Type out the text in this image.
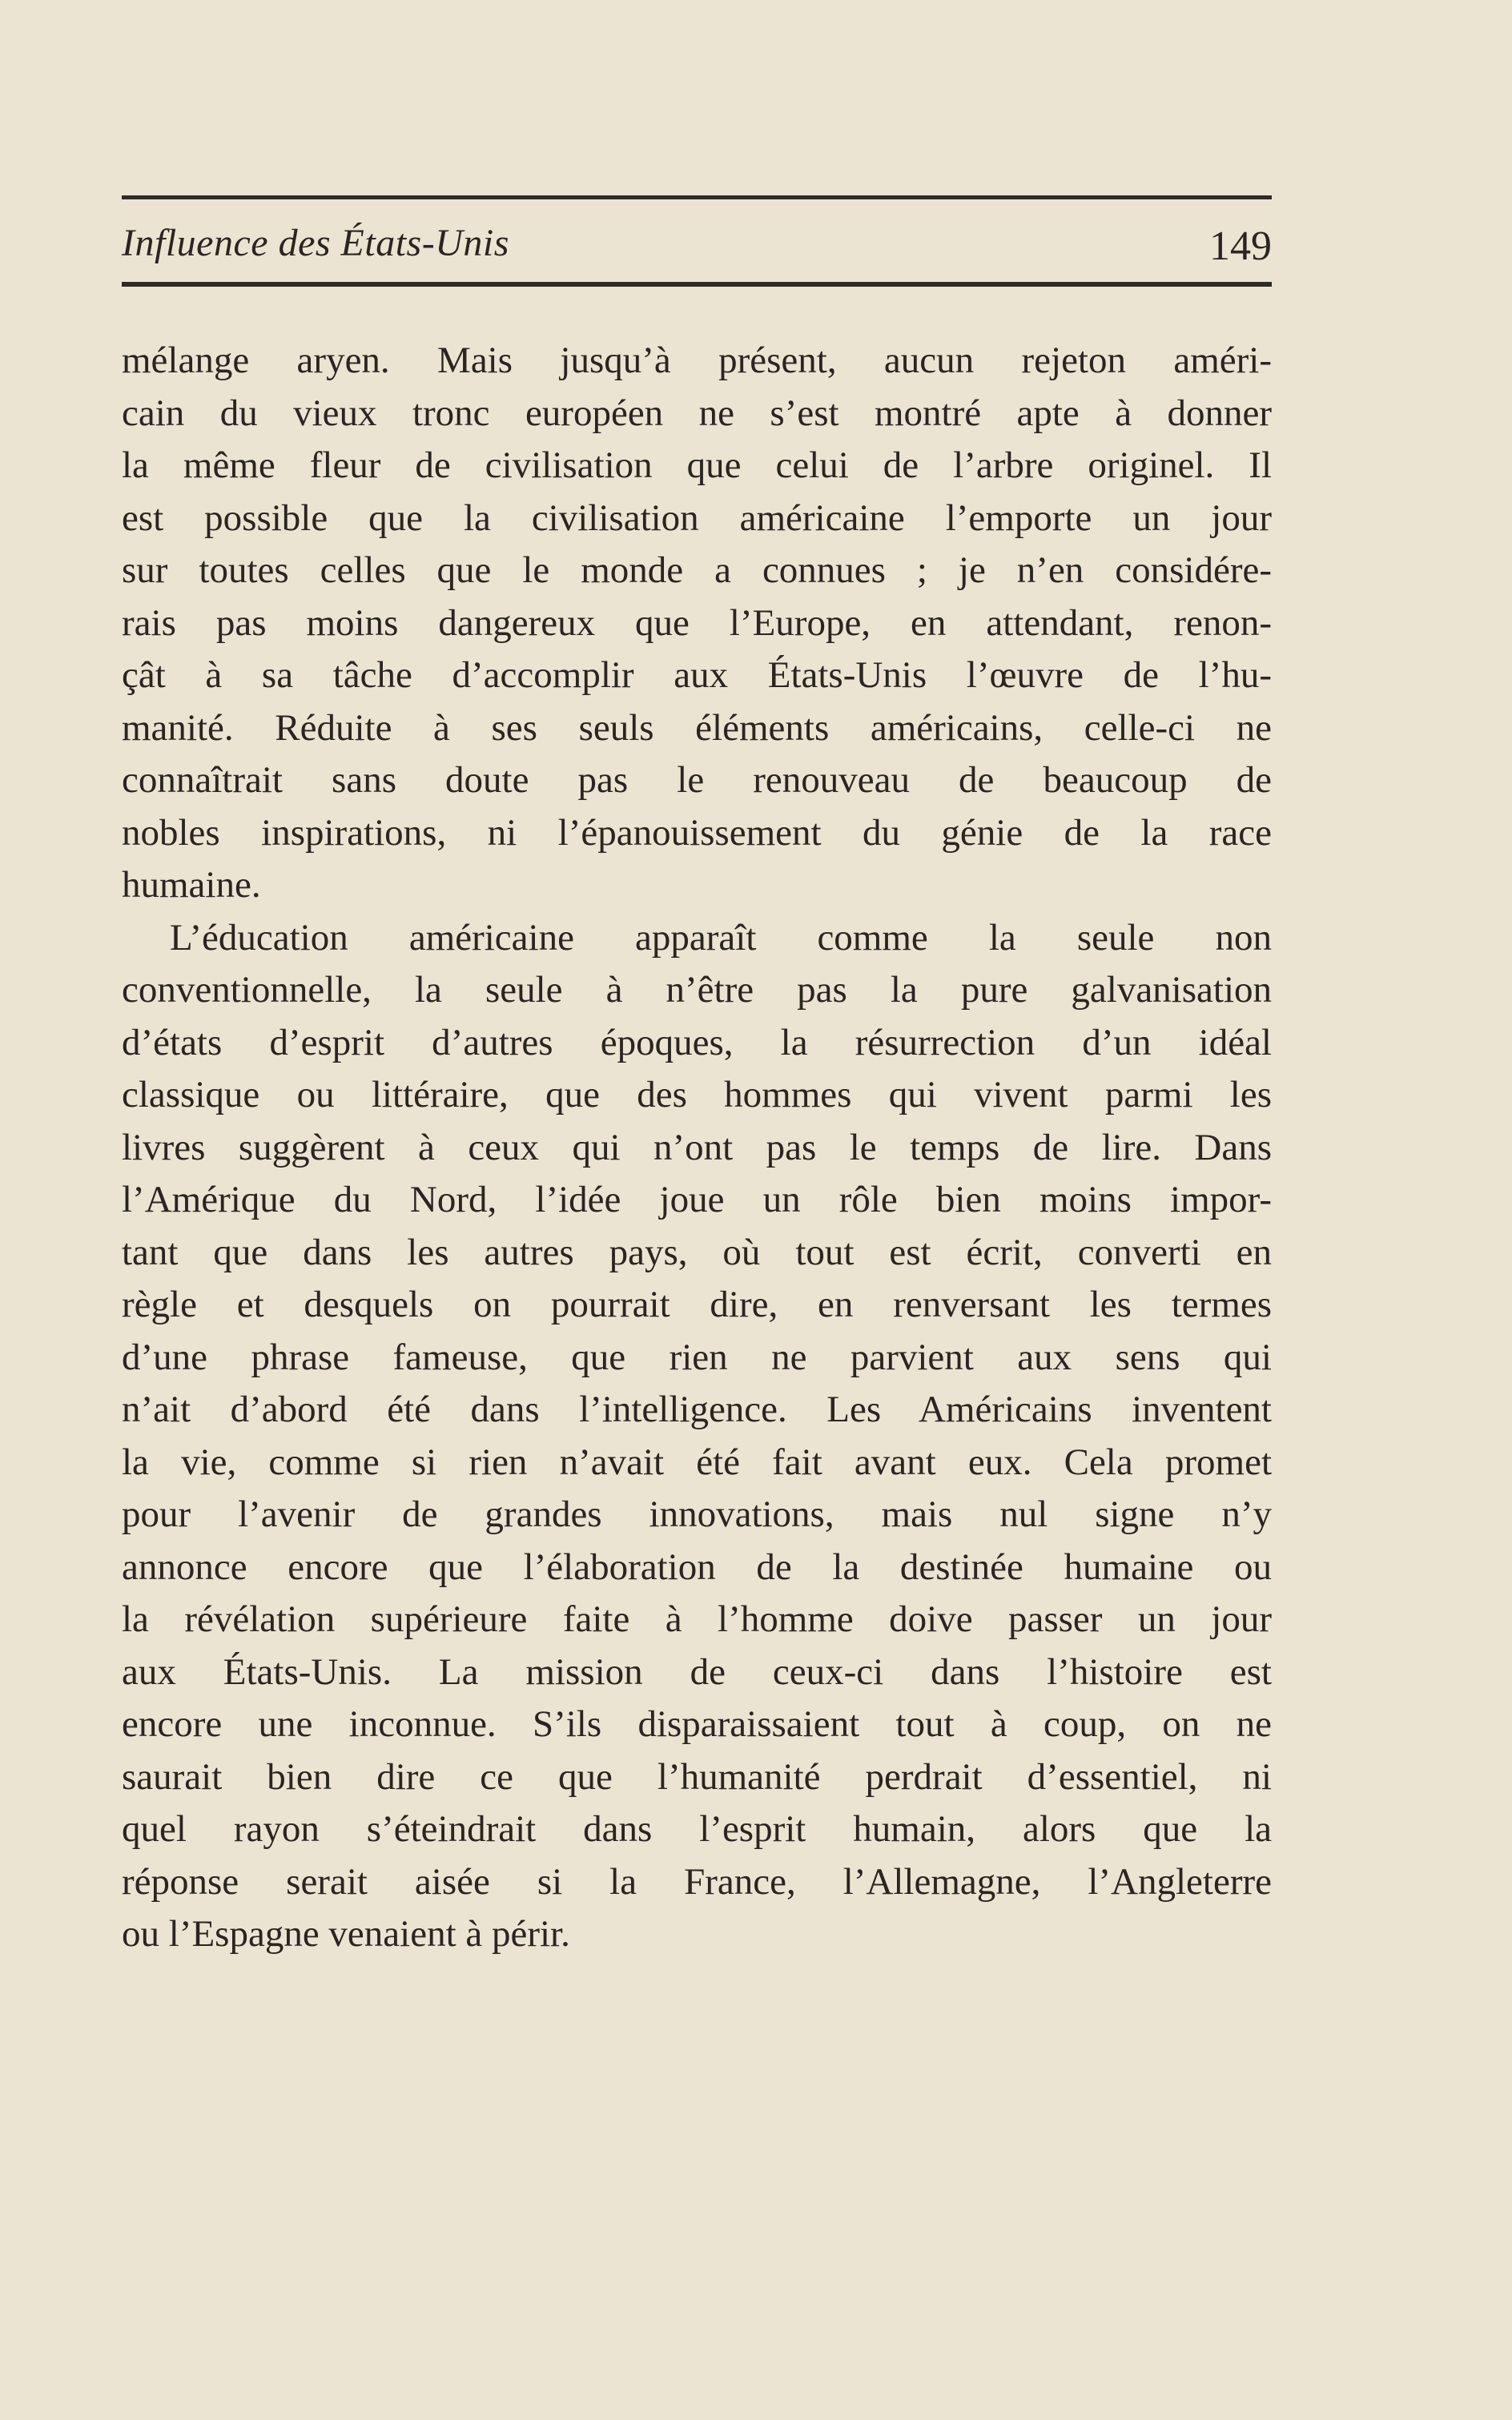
Influence des États-Unis	149

mélange aryen. Mais jusqu’à présent, aucun rejeton améri-
cain du vieux tronc européen ne s’est montré apte à donner
la même fleur de civilisation que celui de l’arbre originel. Il
est possible que la civilisation américaine l’emporte un jour
sur toutes celles que le monde a connues ; je n’en considére-
rais pas moins dangereux que l’Europe, en attendant, renon-
çât à sa tâche d’accomplir aux États-Unis l’œuvre de l’hu-
manité. Réduite à ses seuls éléments américains, celle-ci ne
connaîtrait sans doute pas le renouveau de beaucoup de
nobles inspirations, ni l’épanouissement du génie de la race
humaine.

L’éducation américaine apparaît comme la seule non
conventionnelle, la seule à n’être pas la pure galvanisation
d’états d’esprit d’autres époques, la résurrection d’un idéal
classique ou littéraire, que des hommes qui vivent parmi les
livres suggèrent à ceux qui n’ont pas le temps de lire. Dans
l’Amérique du Nord, l’idée joue un rôle bien moins impor-
tant que dans les autres pays, où tout est écrit, converti en
règle et desquels on pourrait dire, en renversant les termes
d’une phrase fameuse, que rien ne parvient aux sens qui
n’ait d’abord été dans l’intelligence. Les Américains inventent
la vie, comme si rien n’avait été fait avant eux. Cela promet
pour l’avenir de grandes innovations, mais nul signe n’y
annonce encore que l’élaboration de la destinée humaine ou
la révélation supérieure faite à l’homme doive passer un jour
aux États-Unis. La mission de ceux-ci dans l’histoire est
encore une inconnue. S’ils disparaissaient tout à coup, on ne
saurait bien dire ce que l’humanité perdrait d’essentiel, ni
quel rayon s’éteindrait dans l’esprit humain, alors que la
réponse serait aisée si la France, l’Allemagne, l’Angleterre
ou l’Espagne venaient à périr.
